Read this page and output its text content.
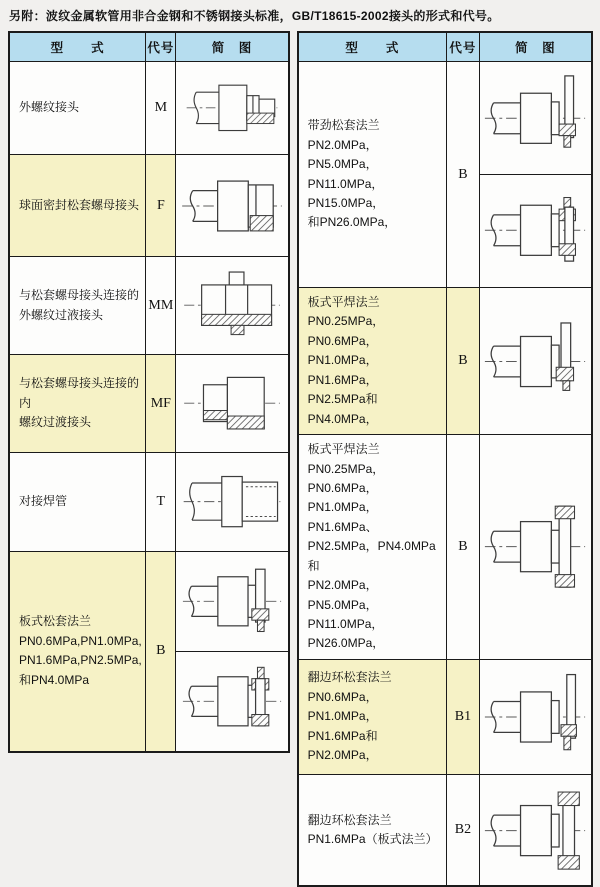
另附：波纹金属软管用非合金钢和不锈钢接头标准，GB/T18615-2002接头的形式和代号。
型　　式	代号	简　图

外螺纹接头	M	

球面密封松套螺母接头	F	

与松套螺母接头连接的
外螺纹过液接头	MM	

与松套螺母接头连接的内
螺纹过渡接头	MF	

对接焊管	T	

板式松套法兰
PN0.6MPa,PN1.0MPa,
PN1.6MPa,PN2.5MPa,
和PN4.0MPa	B	
型　　式	代号	简　图

带劲松套法兰
PN2.0MPa，PN5.0MPa，
PN11.0MPa，PN15.0MPa，
和PN26.0MPa，	B	

板式平焊法兰
PN0.25MPa，PN0.6MPa，
PN1.0MPa，PN1.6MPa，
PN2.5MPa和PN4.0MPa，	B	

板式平焊法兰
PN0.25MPa，PN0.6MPa，
PN1.0MPa，PN1.6MPa、
PN2.5MPa，PN4.0MPa和
PN2.0MPa，PN5.0MPa，
PN11.0MPa，PN26.0MPa，
	B	

翻边环松套法兰
PN0.6MPa，PN1.0MPa，
PN1.6MPa和PN2.0MPa，	B1	

翻边环松套法兰
PN1.6MPa（板式法兰）	B2	
